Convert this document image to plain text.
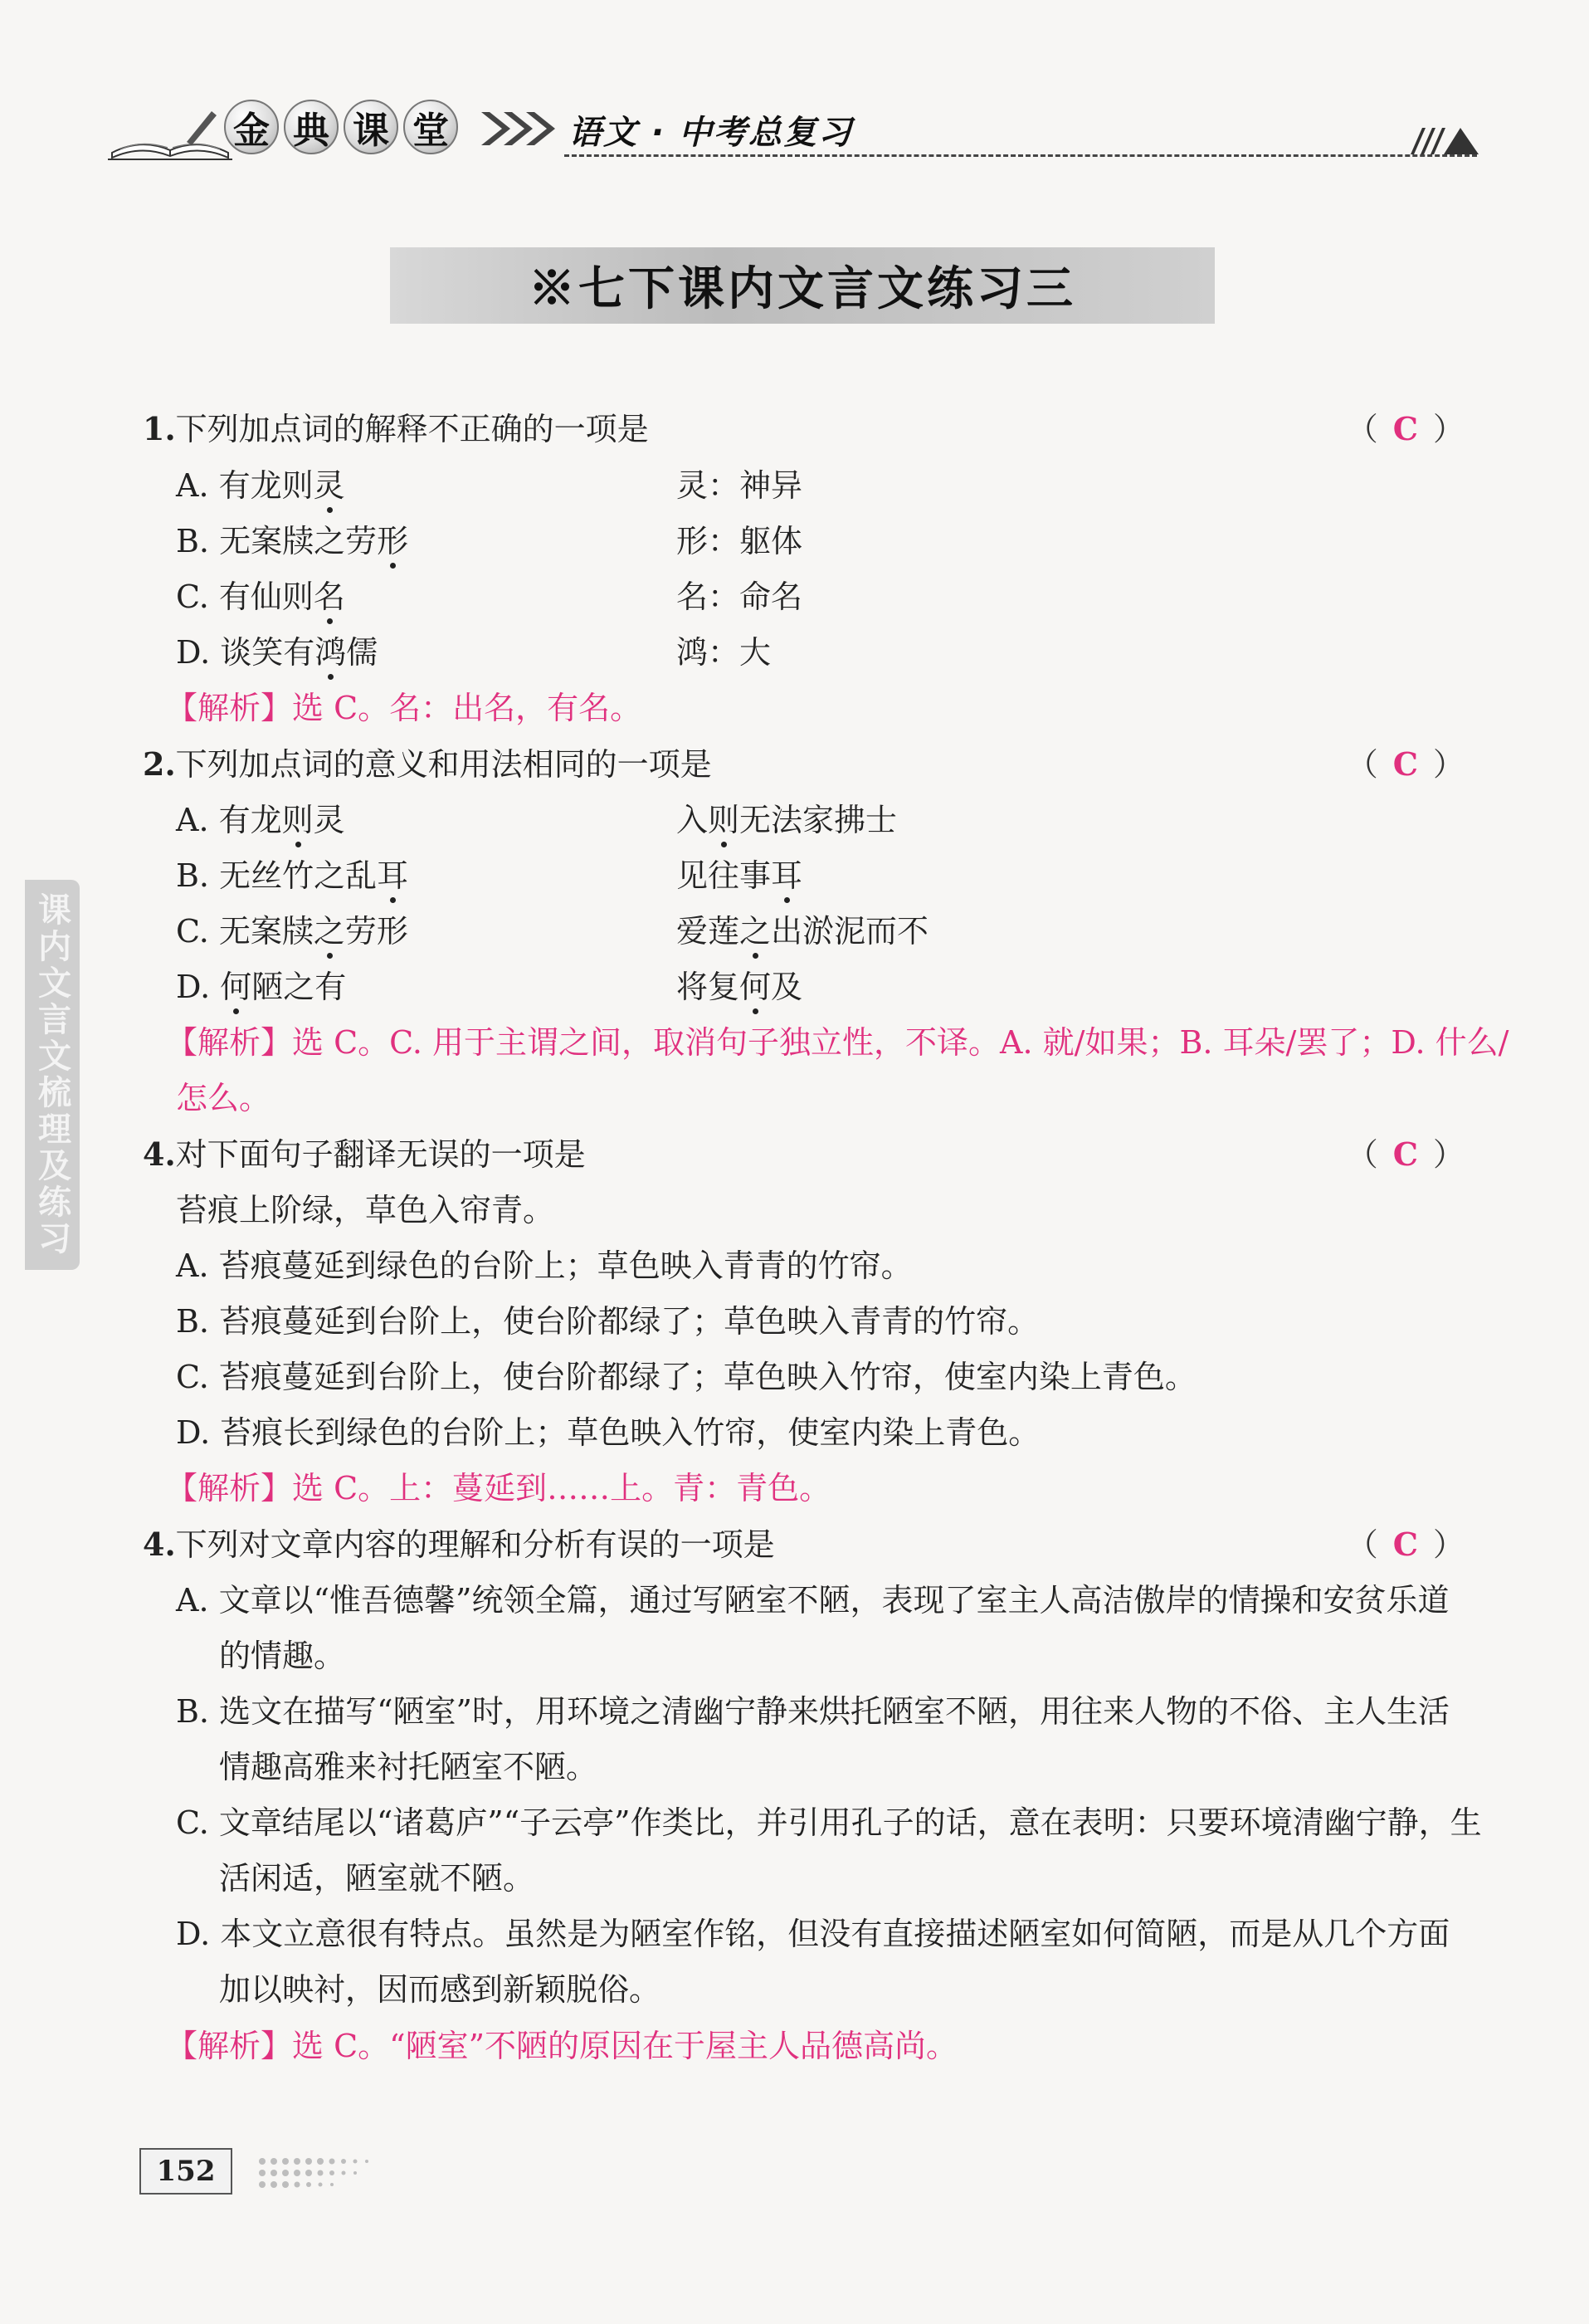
金 典 课 堂	语文 · 中考总复习
※七下课内文言文练习三
课内文言文梳理及练习
1.下列加点词的解释不正确的一项是	（ C ）
A. 有龙则灵	灵：神异
B. 无案牍之劳形	形：躯体
C. 有仙则名	名：命名
D. 谈笑有鸿儒	鸿：大
【解析】选 C。名：出名，有名。
2.下列加点词的意义和用法相同的一项是	（ C ）
A. 有龙则灵	入则无法家拂士
B. 无丝竹之乱耳	见往事耳
C. 无案牍之劳形	爱莲之出淤泥而不
D. 何陋之有	将复何及
【解析】选 C。C. 用于主谓之间，取消句子独立性，不译。A. 就/如果；B. 耳朵/罢了；D. 什么/
怎么。
4.对下面句子翻译无误的一项是	（ C ）
苔痕上阶绿，草色入帘青。
A. 苔痕蔓延到绿色的台阶上；草色映入青青的竹帘。
B. 苔痕蔓延到台阶上，使台阶都绿了；草色映入青青的竹帘。
C. 苔痕蔓延到台阶上，使台阶都绿了；草色映入竹帘，使室内染上青色。
D. 苔痕长到绿色的台阶上；草色映入竹帘，使室内染上青色。
【解析】选 C。上：蔓延到……上。青：青色。
4.下列对文章内容的理解和分析有误的一项是	（ C ）
A. 文章以“惟吾德馨”统领全篇，通过写陋室不陋，表现了室主人高洁傲岸的情操和安贫乐道
的情趣。
B. 选文在描写“陋室”时，用环境之清幽宁静来烘托陋室不陋，用往来人物的不俗、主人生活
情趣高雅来衬托陋室不陋。
C. 文章结尾以“诸葛庐”“子云亭”作类比，并引用孔子的话，意在表明：只要环境清幽宁静，生
活闲适，陋室就不陋。
D. 本文立意很有特点。虽然是为陋室作铭，但没有直接描述陋室如何简陋，而是从几个方面
加以映衬，因而感到新颖脱俗。
【解析】选 C。“陋室”不陋的原因在于屋主人品德高尚。
152
